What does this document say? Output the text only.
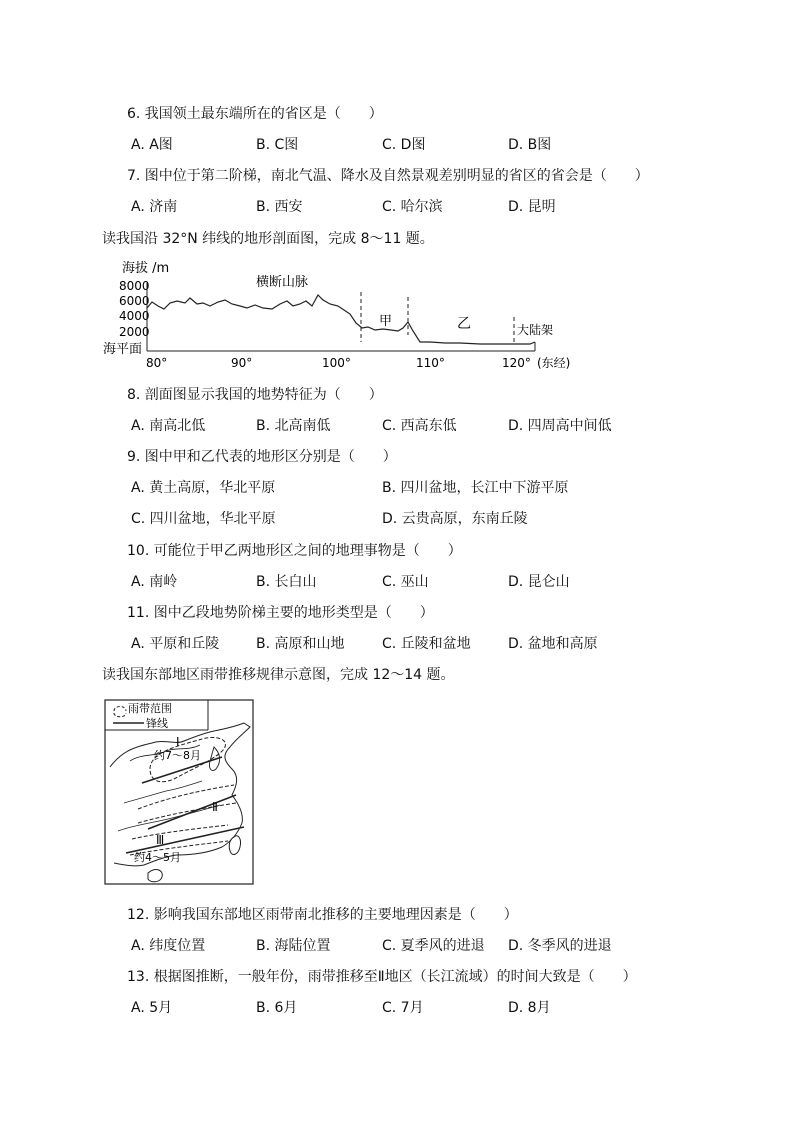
6. 我国领土最东端所在的省区是（　　）
A. A图	B. C图	C. D图	D. B图
7. 图中位于第二阶梯，南北气温、降水及自然景观差别明显的省区的省会是（　　）
A. 济南	B. 西安	C. 哈尔滨	D. 昆明
读我国沿 32°N 纬线的地形剖面图，完成 8～11 题。
海拔 /m
8000
6000
4000
2000
海平面
横断山脉
甲	乙	大陆架
80°	90°	100°	110°	120° (东经)
8. 剖面图显示我国的地势特征为（　　）
A. 南高北低	B. 北高南低	C. 西高东低	D. 四周高中间低
9. 图中甲和乙代表的地形区分别是（　　）
A. 黄土高原，华北平原	B. 四川盆地，长江中下游平原
C. 四川盆地，华北平原	D. 云贵高原，东南丘陵
10. 可能位于甲乙两地形区之间的地理事物是（　　）
A. 南岭	B. 长白山	C. 巫山	D. 昆仑山
11. 图中乙段地势阶梯主要的地形类型是（　　）
A. 平原和丘陵	B. 高原和山地	C. 丘陵和盆地	D. 盆地和高原
读我国东部地区雨带推移规律示意图，完成 12～14 题。
雨带范围
锋线
Ⅰ
约7～8月
Ⅱ
Ⅲ
约4～5月
12. 影响我国东部地区雨带南北推移的主要地理因素是（　　）
A. 纬度位置	B. 海陆位置	C. 夏季风的进退 D. 冬季风的进退
13. 根据图推断，一般年份，雨带推移至Ⅱ地区（长江流域）的时间大致是（　　）
A. 5月	B. 6月	C. 7月	D. 8月
